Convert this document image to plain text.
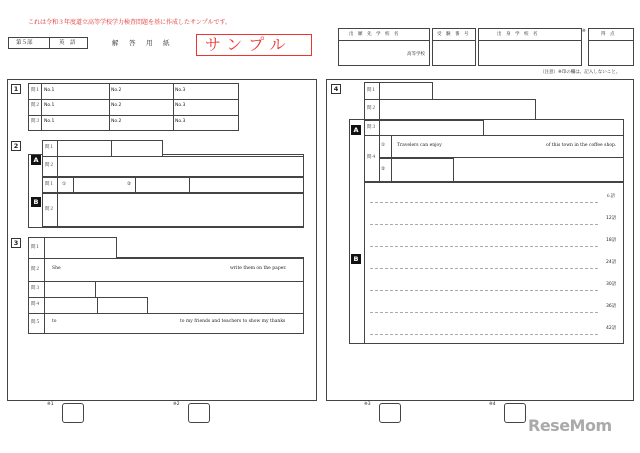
これは令和３年度道立高等学校学力検査問題を基に作成したサンプルです。
第５部	英　語	解　答　用　紙 サンプル
出　願　先　学　校　名
高等学校
受　験　番　号	出　身　学　校　名
※
得　点
（注意）※印の欄は、記入しないこと。
1	問１ No.1	No.2	No.3
問２ No.1	No.2	No.3
問３ No.1	No.2	No.3
2
A
B
問１
問２
問１ ①	②
問２
3
問１
問２	She	write them on the paper.
問３
問４
問５	to	to my friends and teachers to show my thanks
4
A
B
問１
問２
問３
問４
①
②
Travelers can enjoy	of this town in the coffee shop.
６語
12語
18語
24語
30語
36語
42語
※1	※2	※3	※4
ReseMom
